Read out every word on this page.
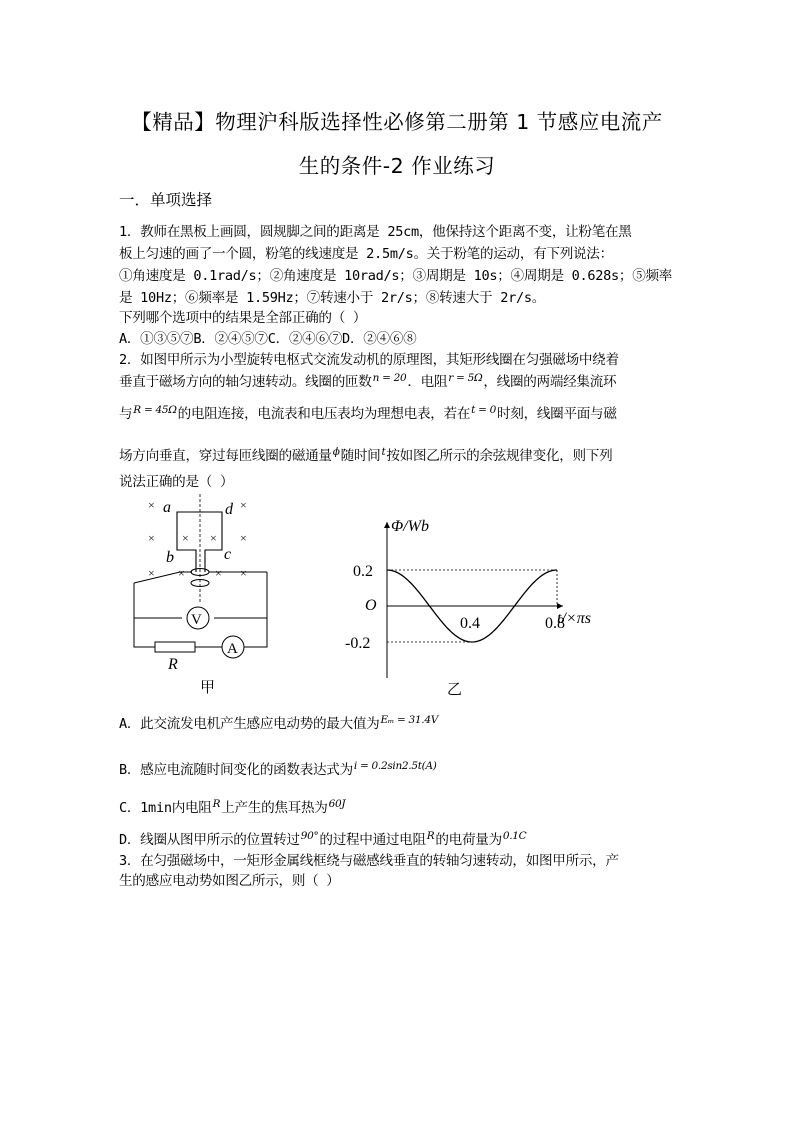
【精品】物理沪科版选择性必修第二册第 1 节感应电流产
生的条件-2 作业练习
一．单项选择
1．教师在黑板上画圆，圆规脚之间的距离是 25cm，他保持这个距离不变，让粉笔在黑
板上匀速的画了一个圆，粉笔的线速度是 2.5m/s。关于粉笔的运动，有下列说法：
①角速度是 0.1rad/s；②角速度是 10rad/s；③周期是 10s；④周期是 0.628s；⑤频率
是 10Hz；⑥频率是 1.59Hz；⑦转速小于 2r/s；⑧转速大于 2r/s。
下列哪个选项中的结果是全部正确的（ ）
A．①③⑤⑦B．②④⑤⑦C．②④⑥⑦D．②④⑥⑧
2．如图甲所示为小型旋转电枢式交流发动机的原理图，其矩形线圈在匀强磁场中绕着
垂直于磁场方向的轴匀速转动。线圈的匝数$^{n = 20}$．电阻$^{r = 5\Omega}$，线圈的两端经集流环
与$^{R = 45\Omega}$的电阻连接，电流表和电压表均为理想电表，若在$^{t = 0}$时刻，线圈平面与磁
场方向垂直，穿过每匝线圈的磁通量$^\phi$随时间$^t$按如图乙所示的余弦规律变化，则下列
说法正确的是（ ）
×	×
× × × ×
× ×	× ×
a	d
b	c
V
A
R
甲
0.4	0.8
0.2
-0.2
Φ/Wb
t/×πs
O
乙
A．此交流发电机产生感应电动势的最大值为$^{E_m = 31.4V}$
B．感应电流随时间变化的函数表达式为$^{i = 0.2sin2.5t(A)}$
C．1min内电阻$^R$上产生的焦耳热为$^{60J}$
D．线圈从图甲所示的位置转过$^{90^\circ}$的过程中通过电阻$^R$的电荷量为$^{0.1C}$
3．在匀强磁场中，一矩形金属线框绕与磁感线垂直的转轴匀速转动，如图甲所示，产
生的感应电动势如图乙所示，则（ ）
